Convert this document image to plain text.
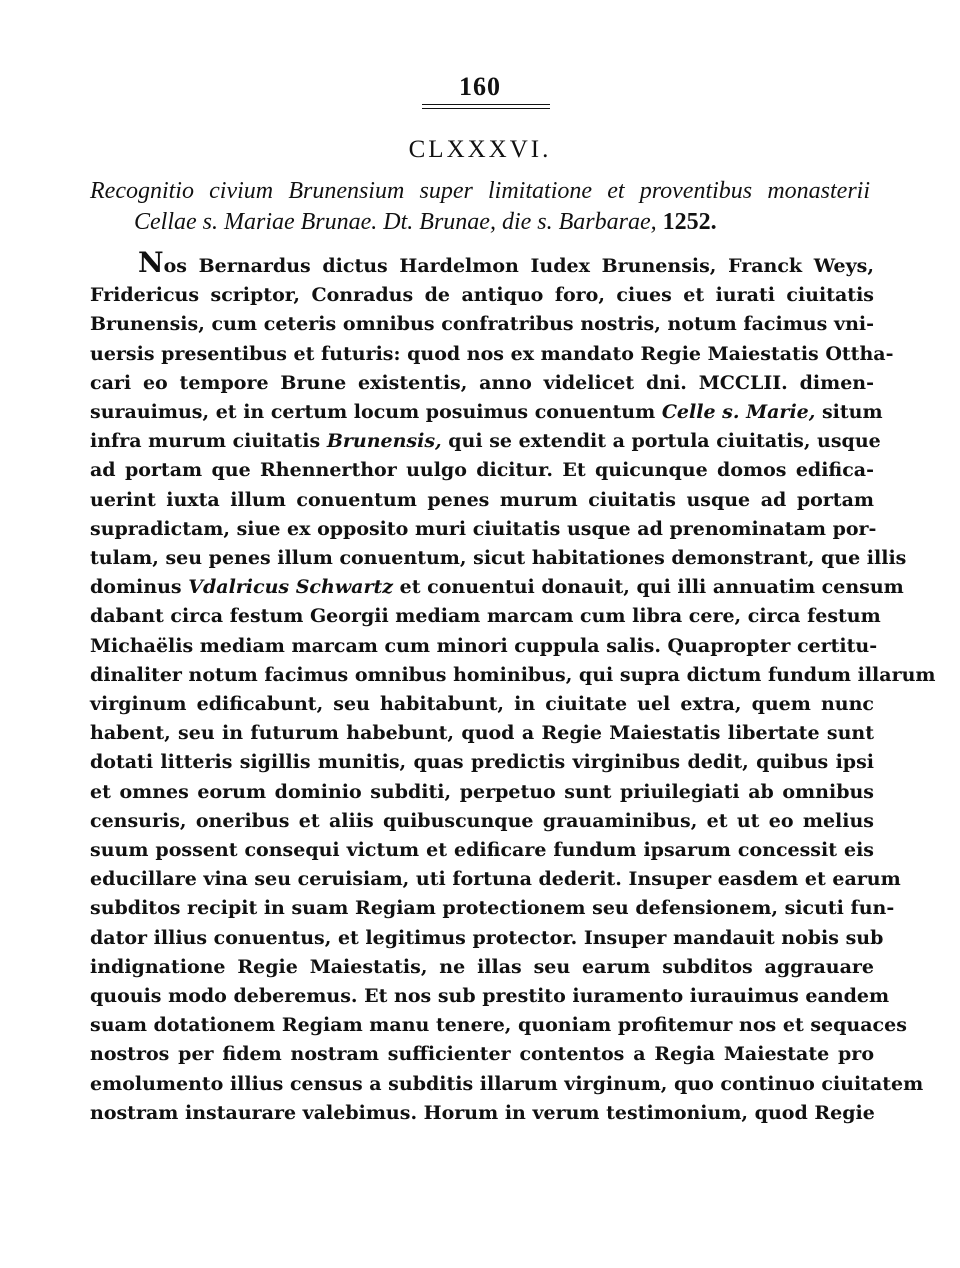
160
CLXXXVI.
Recognitio civium Brunensium super limitatione et proventibus monasterii
Cellae s. Mariae Brunae. Dt. Brunae, die s. Barbarae, 1252.
Nos Bernardus dictus Hardelmon Iudex Brunensis, Franck Weys,
Fridericus scriptor, Conradus de antiquo foro, ciues et iurati ciuitatis
Brunensis, cum ceteris omnibus confratribus nostris, notum facimus vni-
uersis presentibus et futuris: quod nos ex mandato Regie Maiestatis Ottha-
cari eo tempore Brune existentis, anno videlicet dni. MCCLII. dimen-
surauimus, et in certum locum posuimus conuentum Celle s. Marie, situm
infra murum ciuitatis Brunensis, qui se extendit a portula ciuitatis, usque
ad portam que Rhennerthor uulgo dicitur. Et quicunque domos edifica-
uerint iuxta illum conuentum penes murum ciuitatis usque ad portam
supradictam, siue ex opposito muri ciuitatis usque ad prenominatam por-
tulam, seu penes illum conuentum, sicut habitationes demonstrant, que illis
dominus Vdalricus Schwartz et conuentui donauit, qui illi annuatim censum
dabant circa festum Georgii mediam marcam cum libra cere, circa festum
Michaëlis mediam marcam cum minori cuppula salis. Quapropter certitu-
dinaliter notum facimus omnibus hominibus, qui supra dictum fundum illarum
virginum edificabunt, seu habitabunt, in ciuitate uel extra, quem nunc
habent, seu in futurum habebunt, quod a Regie Maiestatis libertate sunt
dotati litteris sigillis munitis, quas predictis virginibus dedit, quibus ipsi
et omnes eorum dominio subditi, perpetuo sunt priuilegiati ab omnibus
censuris, oneribus et aliis quibuscunque grauaminibus, et ut eo melius
suum possent consequi victum et edificare fundum ipsarum concessit eis
educillare vina seu ceruisiam, uti fortuna dederit. Insuper easdem et earum
subditos recipit in suam Regiam protectionem seu defensionem, sicuti fun-
dator illius conuentus, et legitimus protector. Insuper mandauit nobis sub
indignatione Regie Maiestatis, ne illas seu earum subditos aggrauare
quouis modo deberemus. Et nos sub prestito iuramento iurauimus eandem
suam dotationem Regiam manu tenere, quoniam profitemur nos et sequaces
nostros per fidem nostram sufficienter contentos a Regia Maiestate pro
emolumento illius census a subditis illarum virginum, quo continuo ciuitatem
nostram instaurare valebimus. Horum in verum testimonium, quod Regie
